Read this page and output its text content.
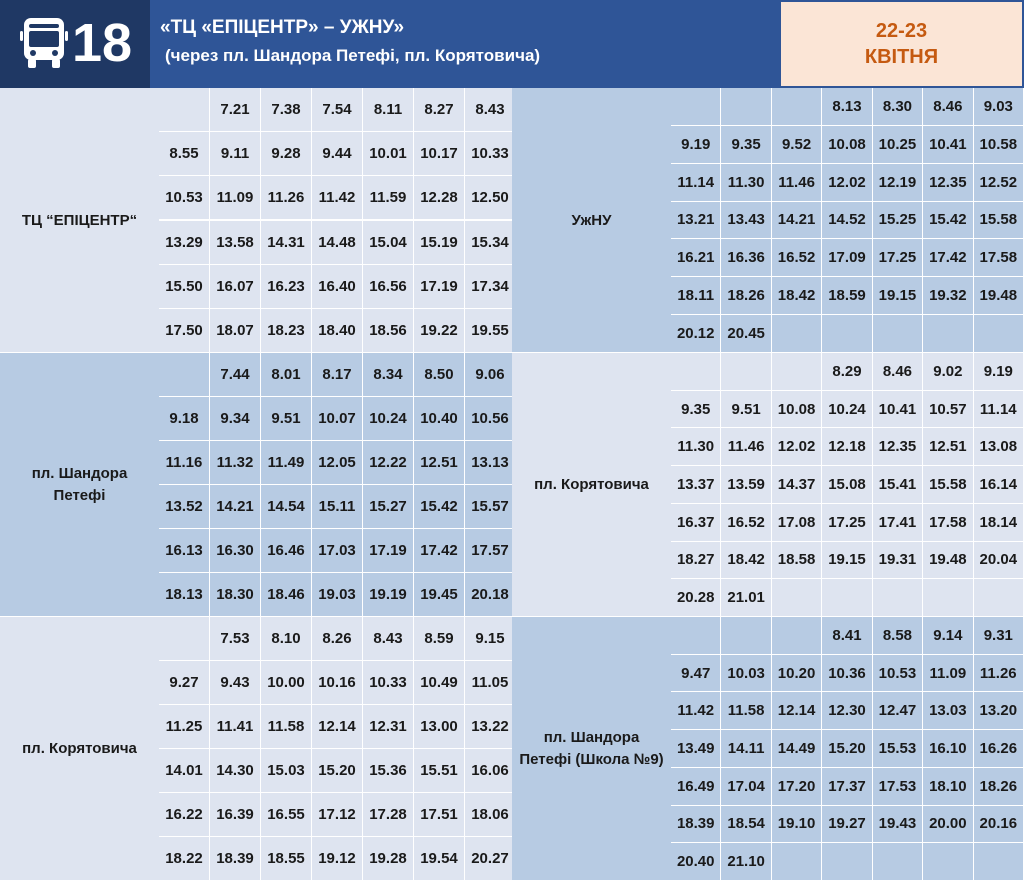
18 «ТЦ «ЕПІЦЕНТР» – УЖНУ»
(через пл. Шандора Петефі, пл. Корятовича)
22-23
КВІТНЯ
ТЦ “ЕПІЦЕНТР“
7.21	7.38	7.54	8.11	8.27	8.43
8.55	9.11	9.28	9.44	10.01 10.17 10.33
10.53 11.09 11.26 11.42 11.59 12.28 12.50
13.29 13.58 14.31 14.48 15.04 15.19 15.34
15.50 16.07 16.23 16.40 16.56 17.19 17.34
17.50 18.07 18.23 18.40 18.56 19.22 19.55
пл. Шандора Петефі
7.44	8.01	8.17	8.34	8.50	9.06
9.18	9.34	9.51	10.07 10.24 10.40 10.56
11.16 11.32 11.49 12.05 12.22 12.51 13.13
13.52 14.21 14.54 15.11 15.27 15.42 15.57
16.13 16.30 16.46 17.03 17.19 17.42 17.57
18.13 18.30 18.46 19.03 19.19 19.45 20.18
пл. Корятовича
7.53	8.10	8.26	8.43	8.59	9.15
9.27	9.43	10.00 10.16 10.33 10.49 11.05
11.25 11.41 11.58 12.14 12.31 13.00 13.22
14.01 14.30 15.03 15.20 15.36 15.51 16.06
16.22 16.39 16.55 17.12 17.28 17.51 18.06
18.22 18.39 18.55 19.12 19.28 19.54 20.27
УжНУ
8.13	8.30	8.46	9.03
9.19	9.35	9.52	10.08 10.25 10.41 10.58
11.14 11.30 11.46 12.02 12.19 12.35 12.52
13.21 13.43 14.21 14.52 15.25 15.42 15.58
16.21 16.36 16.52 17.09 17.25 17.42 17.58
18.11 18.26 18.42 18.59 19.15 19.32 19.48
20.12 20.45
пл. Корятовича
8.29	8.46	9.02	9.19
9.35	9.51	10.08 10.24 10.41 10.57 11.14
11.30 11.46 12.02 12.18 12.35 12.51 13.08
13.37 13.59 14.37 15.08 15.41 15.58 16.14
16.37 16.52 17.08 17.25 17.41 17.58 18.14
18.27 18.42 18.58 19.15 19.31 19.48 20.04
20.28 21.01
пл. Шандора Петефі (Школа №9)
8.41	8.58	9.14	9.31
9.47	10.03 10.20 10.36 10.53 11.09 11.26
11.42 11.58 12.14 12.30 12.47 13.03 13.20
13.49 14.11 14.49 15.20 15.53 16.10 16.26
16.49 17.04 17.20 17.37 17.53 18.10 18.26
18.39 18.54 19.10 19.27 19.43 20.00 20.16
20.40 21.10
